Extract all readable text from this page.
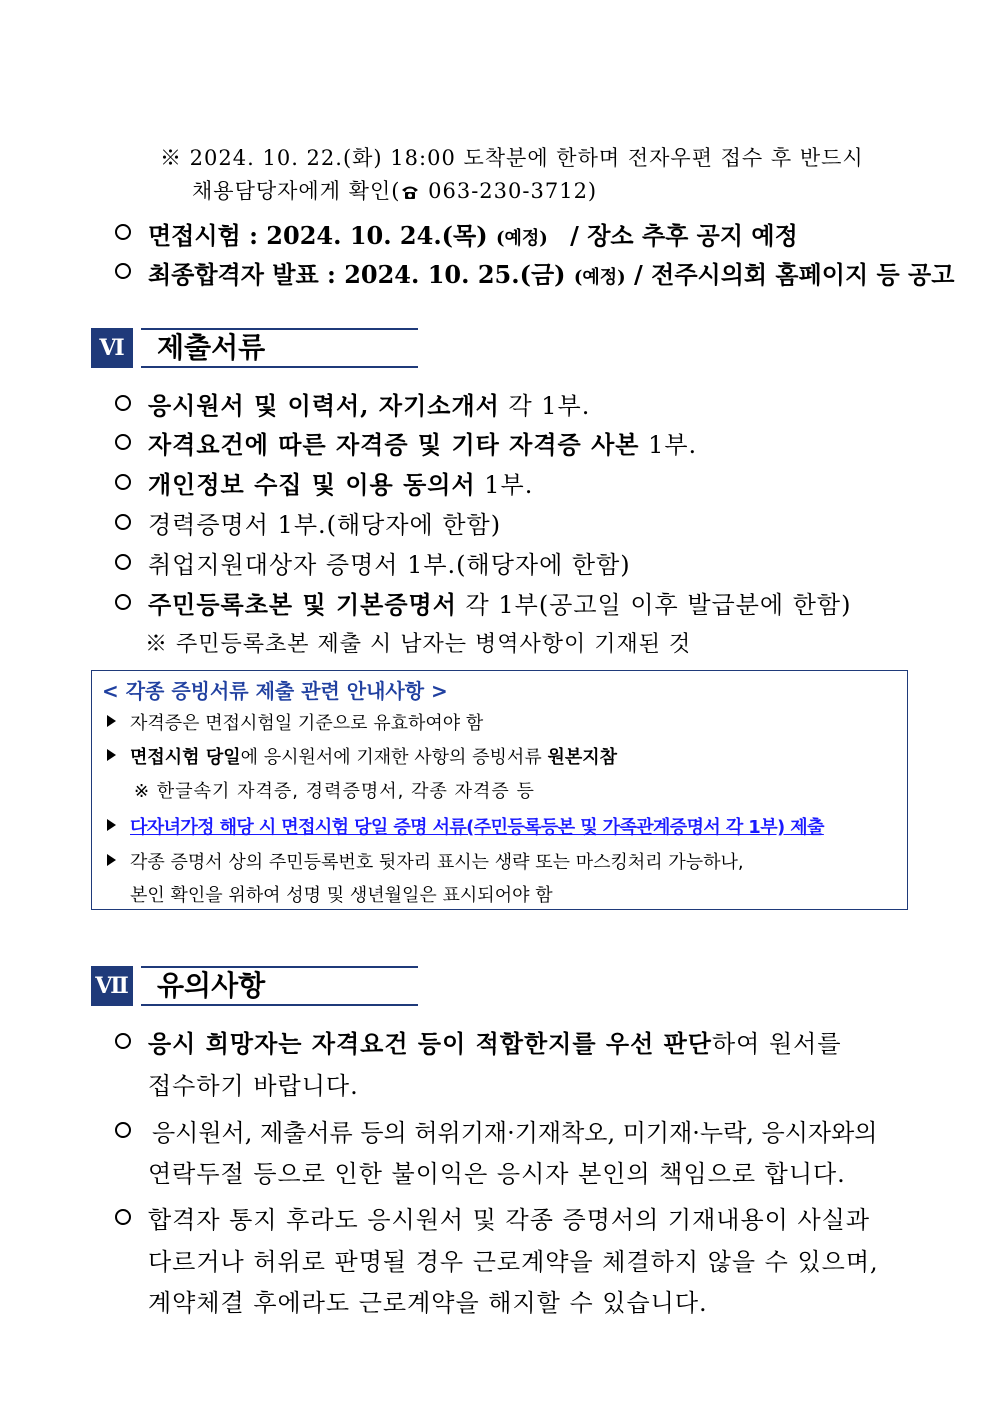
※ 2024. 10. 22.(화) 18:00 도착분에 한하며 전자우편 접수 후 반드시
채용담당자에게 확인( 063-230-3712)
면접시험 : 2024. 10. 24.(목) (예정) / 장소 추후 공지 예정
최종합격자 발표 : 2024. 10. 25.(금) (예정) / 전주시의회 홈페이지 등 공고
Ⅵ	제출서류
응시원서 및 이력서, 자기소개서 각 1부.
자격요건에 따른 자격증 및 기타 자격증 사본 1부.
개인정보 수집 및 이용 동의서 1부.
경력증명서 1부.(해당자에 한함)
취업지원대상자 증명서 1부.(해당자에 한함)
주민등록초본 및 기본증명서 각 1부(공고일 이후 발급분에 한함)
※ 주민등록초본 제출 시 남자는 병역사항이 기재된 것
< 각종 증빙서류 제출 관련 안내사항 >
자격증은 면접시험일 기준으로 유효하여야 함
면접시험 당일에 응시원서에 기재한 사항의 증빙서류 원본지참
※ 한글속기 자격증, 경력증명서, 각종 자격증 등
다자녀가정 해당 시 면접시험 당일 증명 서류(주민등록등본 및 가족관계증명서 각 1부) 제출
각종 증명서 상의 주민등록번호 뒷자리 표시는 생략 또는 마스킹처리 가능하나,
본인 확인을 위하여 성명 및 생년월일은 표시되어야 함
Ⅶ	유의사항
응시 희망자는 자격요건 등이 적합한지를 우선 판단하여 원서를
접수하기 바랍니다.
응시원서, 제출서류 등의 허위기재·기재착오, 미기재·누락, 응시자와의
연락두절 등으로 인한 불이익은 응시자 본인의 책임으로 합니다.
합격자 통지 후라도 응시원서 및 각종 증명서의 기재내용이 사실과
다르거나 허위로 판명될 경우 근로계약을 체결하지 않을 수 있으며,
계약체결 후에라도 근로계약을 해지할 수 있습니다.
